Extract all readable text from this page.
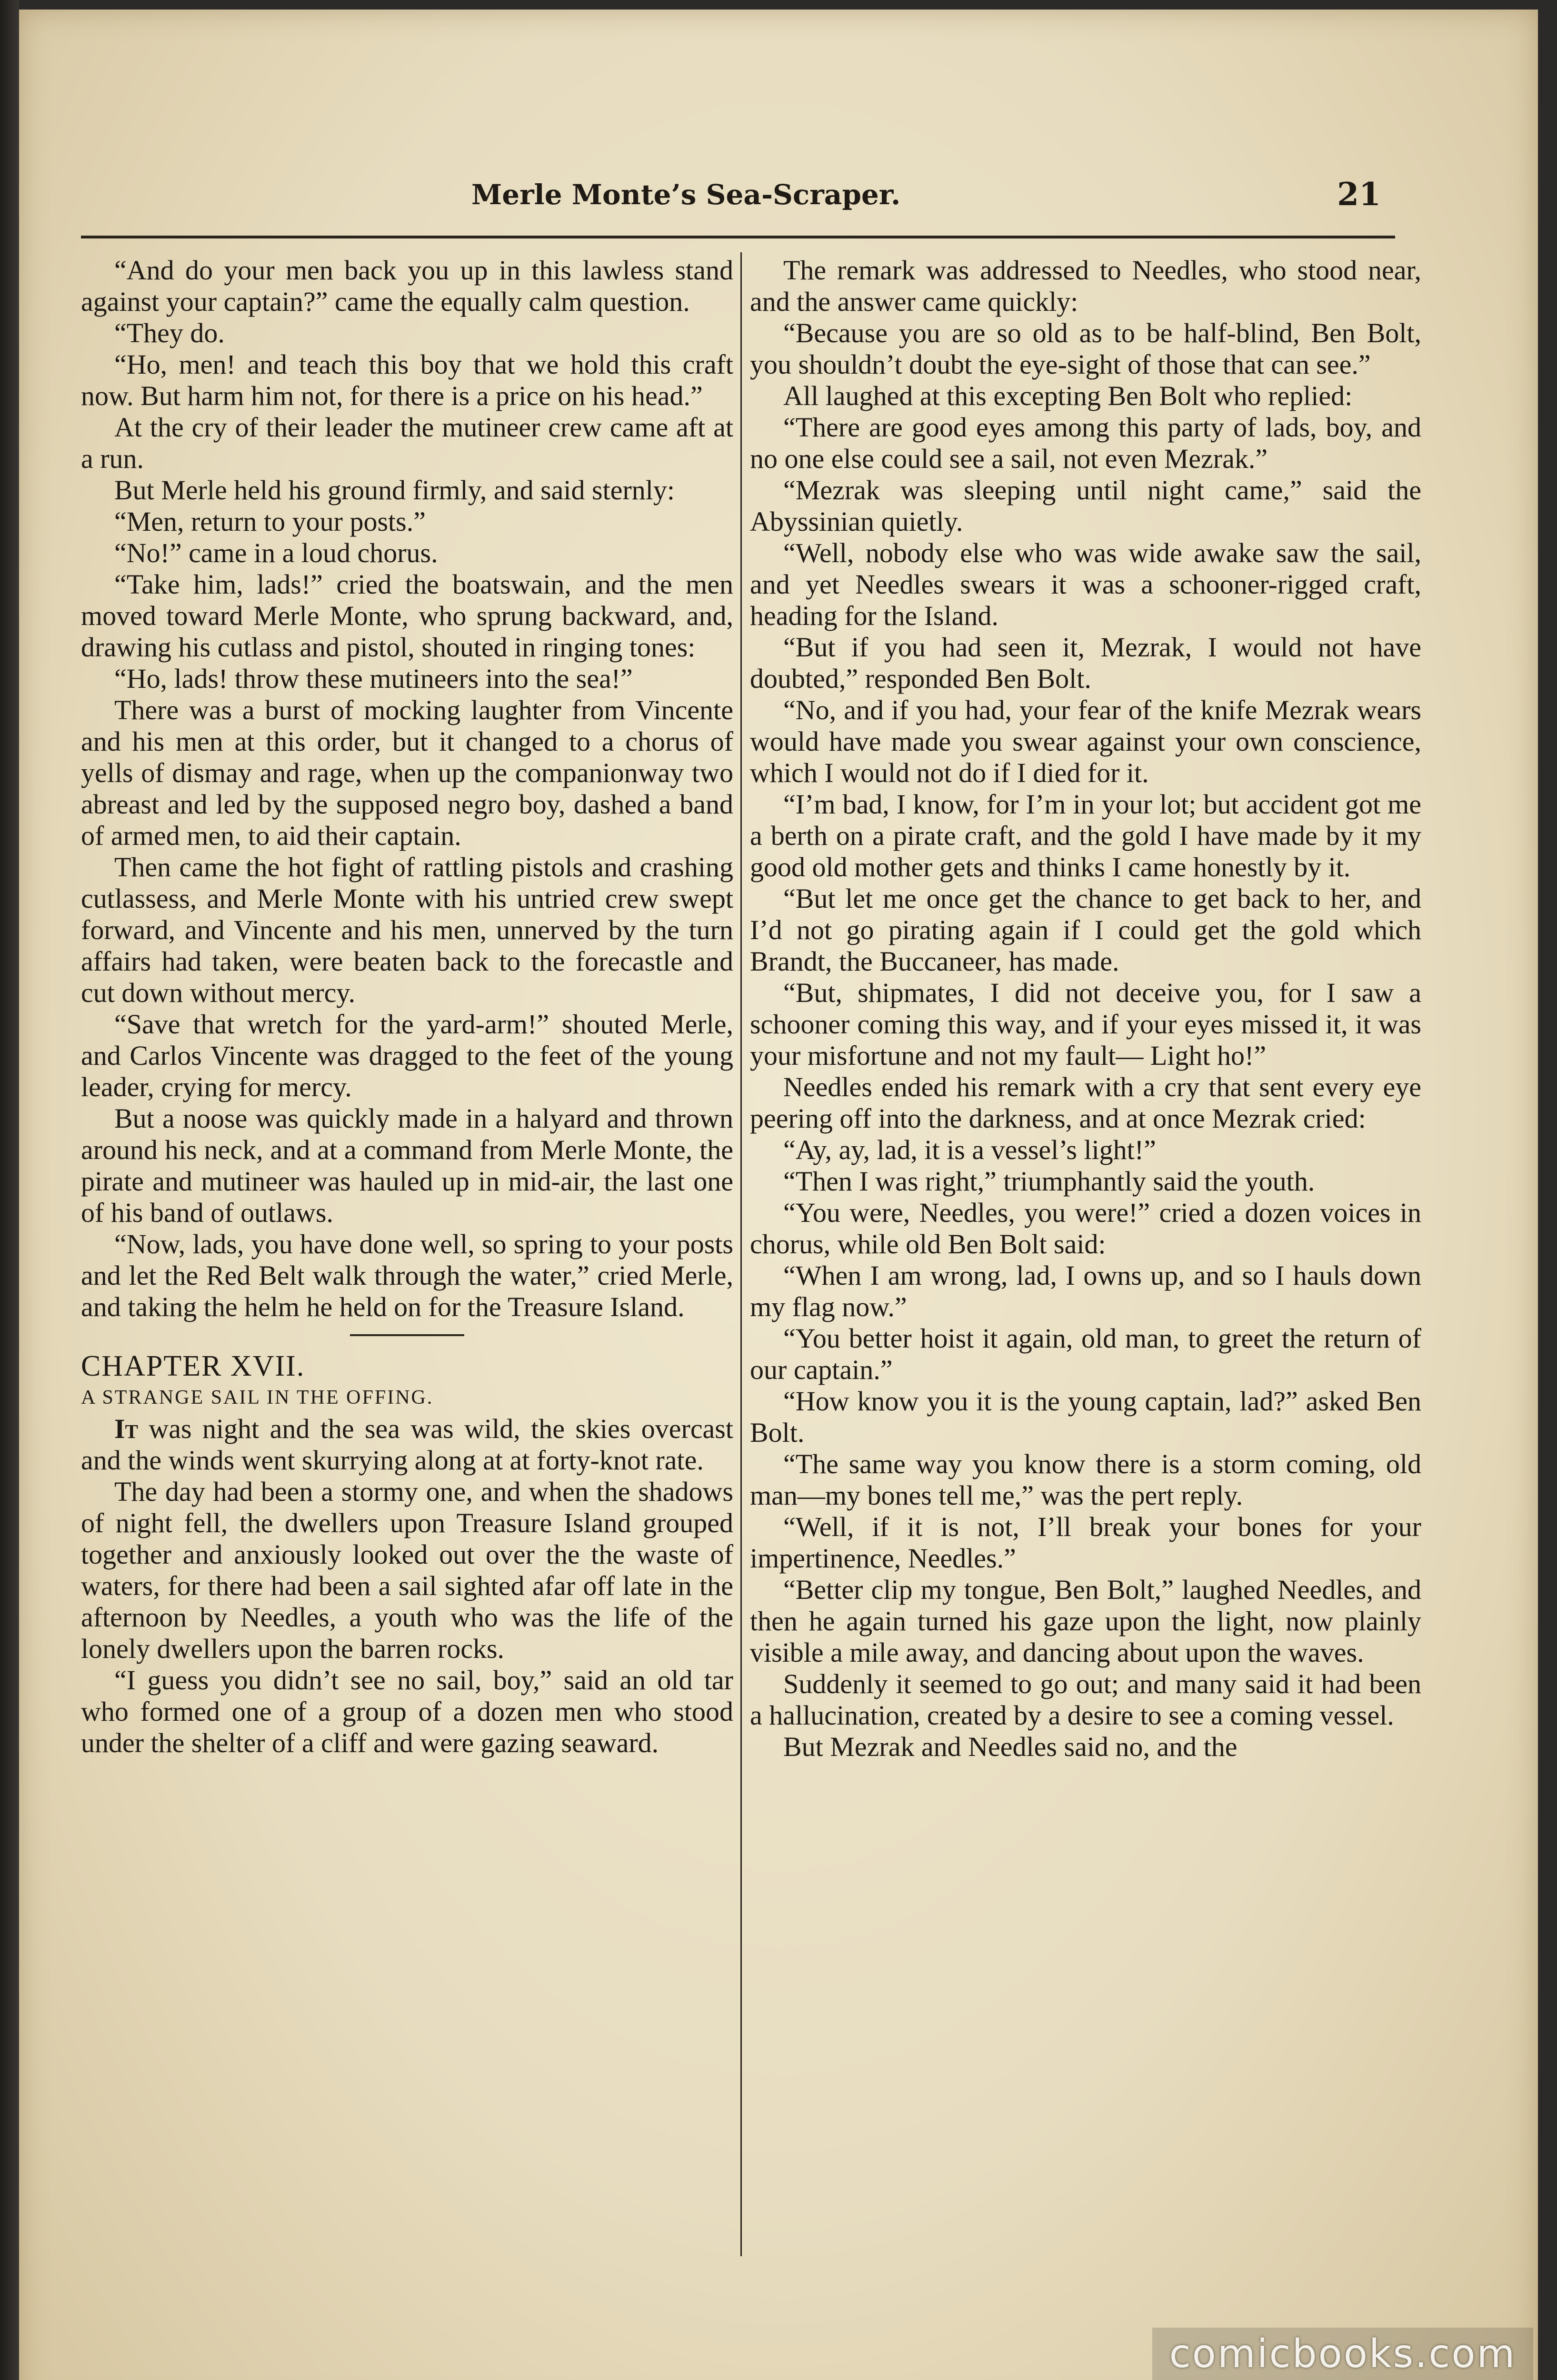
Merle Monte’s Sea-Scraper.	21

“And do your men back you up in this lawless stand against your captain?” came the equally calm question.

“They do.

“Ho, men! and teach this boy that we hold this craft now. But harm him not, for there is a price on his head.”

At the cry of their leader the mutineer crew came aft at a run.

But Merle held his ground firmly, and said sternly:

“Men, return to your posts.”

“No!” came in a loud chorus.

“Take him, lads!” cried the boatswain, and the men moved toward Merle Monte, who sprung backward, and, drawing his cutlass and pistol, shouted in ringing tones:

“Ho, lads! throw these mutineers into the sea!”

There was a burst of mocking laughter from Vincente and his men at this order, but it changed to a chorus of yells of dismay and rage, when up the companionway two abreast and led by the supposed negro boy, dashed a band of armed men, to aid their captain.

Then came the hot fight of rattling pistols and crashing cutlassess, and Merle Monte with his untried crew swept forward, and Vincente and his men, unnerved by the turn affairs had taken, were beaten back to the forecastle and cut down without mercy.

“Save that wretch for the yard-arm!” shouted Merle, and Carlos Vincente was dragged to the feet of the young leader, crying for mercy.

But a noose was quickly made in a halyard and thrown around his neck, and at a command from Merle Monte, the pirate and mutineer was hauled up in mid-air, the last one of his band of outlaws.

“Now, lads, you have done well, so spring to your posts and let the Red Belt walk through the water,” cried Merle, and taking the helm he held on for the Treasure Island.

CHAPTER XVII.

A STRANGE SAIL IN THE OFFING.

It was night and the sea was wild, the skies overcast and the winds went skurrying along at at forty-knot rate.

The day had been a stormy one, and when the shadows of night fell, the dwellers upon Treasure Island grouped together and anxiously looked out over the the waste of waters, for there had been a sail sighted afar off late in the afternoon by Needles, a youth who was the life of the lonely dwellers upon the barren rocks.

“I guess you didn’t see no sail, boy,” said an old tar who formed one of a group of a dozen men who stood under the shelter of a cliff and were gazing seaward.

The remark was addressed to Needles, who stood near, and the answer came quickly:

“Because you are so old as to be half-blind, Ben Bolt, you shouldn’t doubt the eye-sight of those that can see.”

All laughed at this excepting Ben Bolt who replied:

“There are good eyes among this party of lads, boy, and no one else could see a sail, not even Mezrak.”

“Mezrak was sleeping until night came,” said the Abyssinian quietly.

“Well, nobody else who was wide awake saw the sail, and yet Needles swears it was a schooner-rigged craft, heading for the Island.

“But if you had seen it, Mezrak, I would not have doubted,” responded Ben Bolt.

“No, and if you had, your fear of the knife Mezrak wears would have made you swear against your own conscience, which I would not do if I died for it.

“I’m bad, I know, for I’m in your lot; but accident got me a berth on a pirate craft, and the gold I have made by it my good old mother gets and thinks I came honestly by it.

“But let me once get the chance to get back to her, and I’d not go pirating again if I could get the gold which Brandt, the Buccaneer, has made.

“But, shipmates, I did not deceive you, for I saw a schooner coming this way, and if your eyes missed it, it was your misfortune and not my fault— Light ho!”

Needles ended his remark with a cry that sent every eye peering off into the darkness, and at once Mezrak cried:

“Ay, ay, lad, it is a vessel’s light!”

“Then I was right,” triumphantly said the youth.

“You were, Needles, you were!” cried a dozen voices in chorus, while old Ben Bolt said:

“When I am wrong, lad, I owns up, and so I hauls down my flag now.”

“You better hoist it again, old man, to greet the return of our captain.”

“How know you it is the young captain, lad?” asked Ben Bolt.

“The same way you know there is a storm coming, old man—my bones tell me,” was the pert reply.

“Well, if it is not, I’ll break your bones for your impertinence, Needles.”

“Better clip my tongue, Ben Bolt,” laughed Needles, and then he again turned his gaze upon the light, now plainly visible a mile away, and dancing about upon the waves.

Suddenly it seemed to go out; and many said it had been a hallucination, created by a desire to see a coming vessel.

But Mezrak and Needles said no, and the

comicbooks.com
